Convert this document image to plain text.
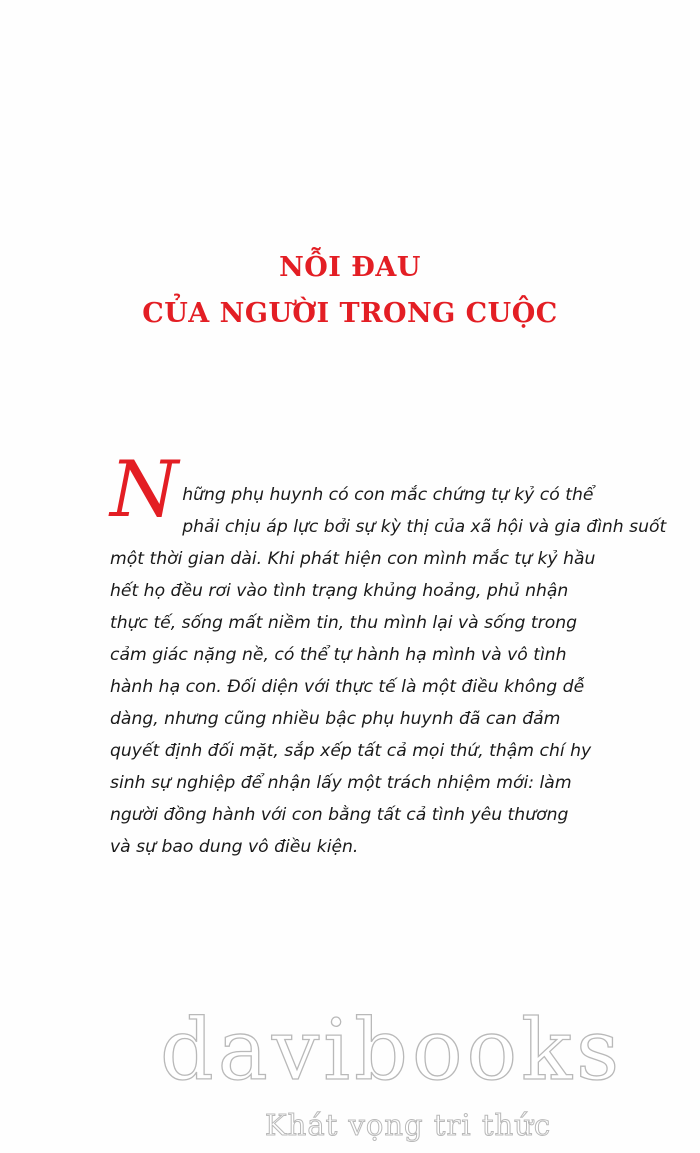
NỖI ĐAU
CỦA NGƯỜI TRONG CUỘC
N hững phụ huynh có con mắc chứng tự kỷ có thể
phải chịu áp lực bởi sự kỳ thị của xã hội và gia đình suốt
một thời gian dài. Khi phát hiện con mình mắc tự kỷ hầu
hết họ đều rơi vào tình trạng khủng hoảng, phủ nhận
thực tế, sống mất niềm tin, thu mình lại và sống trong
cảm giác nặng nề, có thể tự hành hạ mình và vô tình
hành hạ con. Đối diện với thực tế là một điều không dễ
dàng, nhưng cũng nhiều bậc phụ huynh đã can đảm
quyết định đối mặt, sắp xếp tất cả mọi thứ, thậm chí hy
sinh sự nghiệp để nhận lấy một trách nhiệm mới: làm
người đồng hành với con bằng tất cả tình yêu thương
và sự bao dung vô điều kiện.
davibooks
Khát vọng tri thức
